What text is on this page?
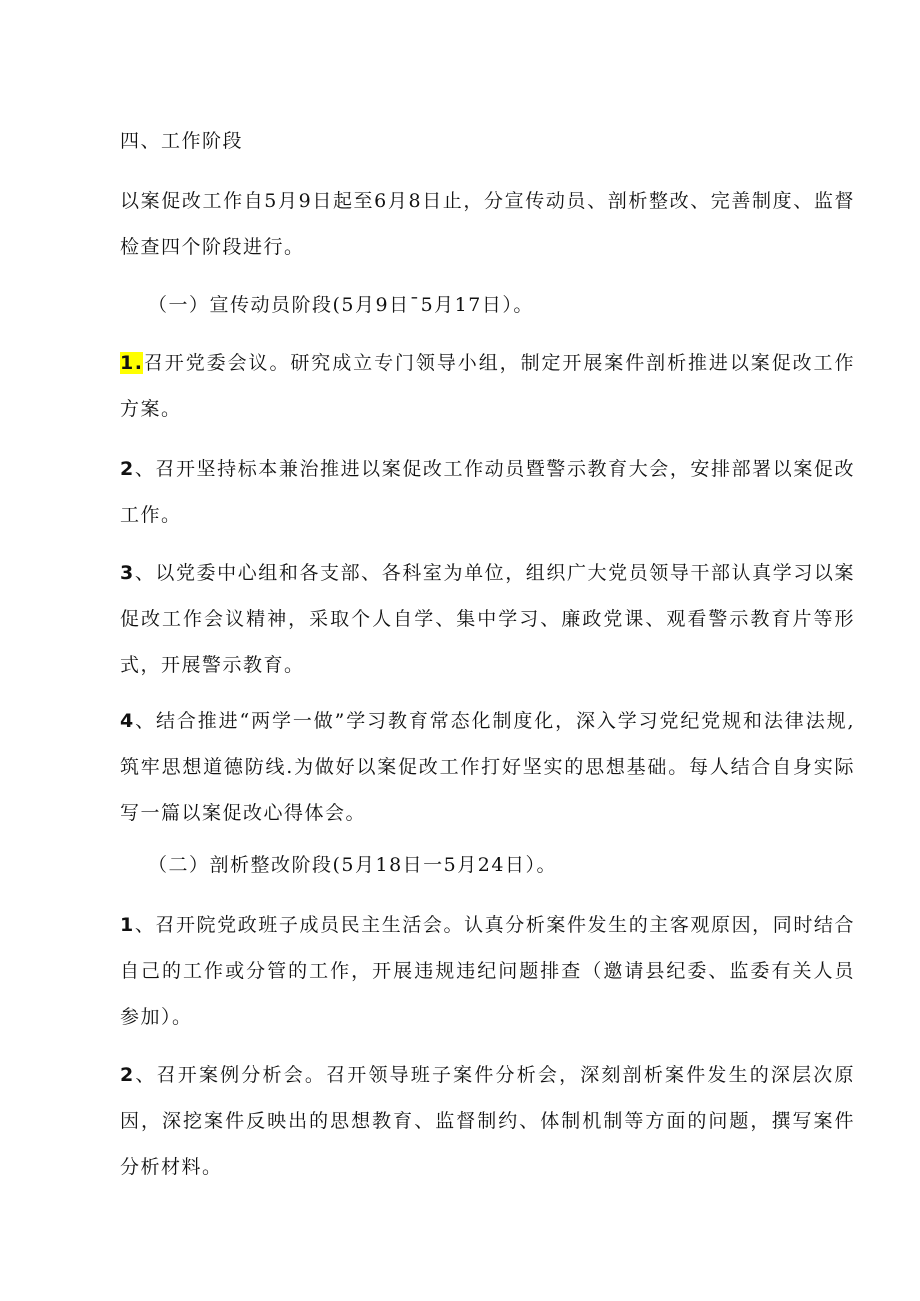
四、工作阶段

以案促改工作自5月9日起至6月8日止，分宣传动员、剖析整改、完善制度、监督检查四个阶段进行。

（一）宣传动员阶段(5月9日¯5月17日）。

1.召开党委会议。研究成立专门领导小组，制定开展案件剖析推进以案促改工作方案。

2、召开坚持标本兼治推进以案促改工作动员暨警示教育大会，安排部署以案促改工作。

3、以党委中心组和各支部、各科室为单位，组织广大党员领导干部认真学习以案促改工作会议精神，采取个人自学、集中学习、廉政党课、观看警示教育片等形式，开展警示教育。

4、结合推进“两学一做”学习教育常态化制度化，深入学习党纪党规和法律法规,筑牢思想道德防线.为做好以案促改工作打好坚实的思想基础。每人结合自身实际写一篇以案促改心得体会。

（二）剖析整改阶段(5月18日一5月24日）。

1、召开院党政班子成员民主生活会。认真分析案件发生的主客观原因，同时结合自己的工作或分管的工作，开展违规违纪问题排查（邀请县纪委、监委有关人员参加）。

2、召开案例分析会。召开领导班子案件分析会，深刻剖析案件发生的深层次原因，深挖案件反映出的思想教育、监督制约、体制机制等方面的问题，撰写案件分析材料。
